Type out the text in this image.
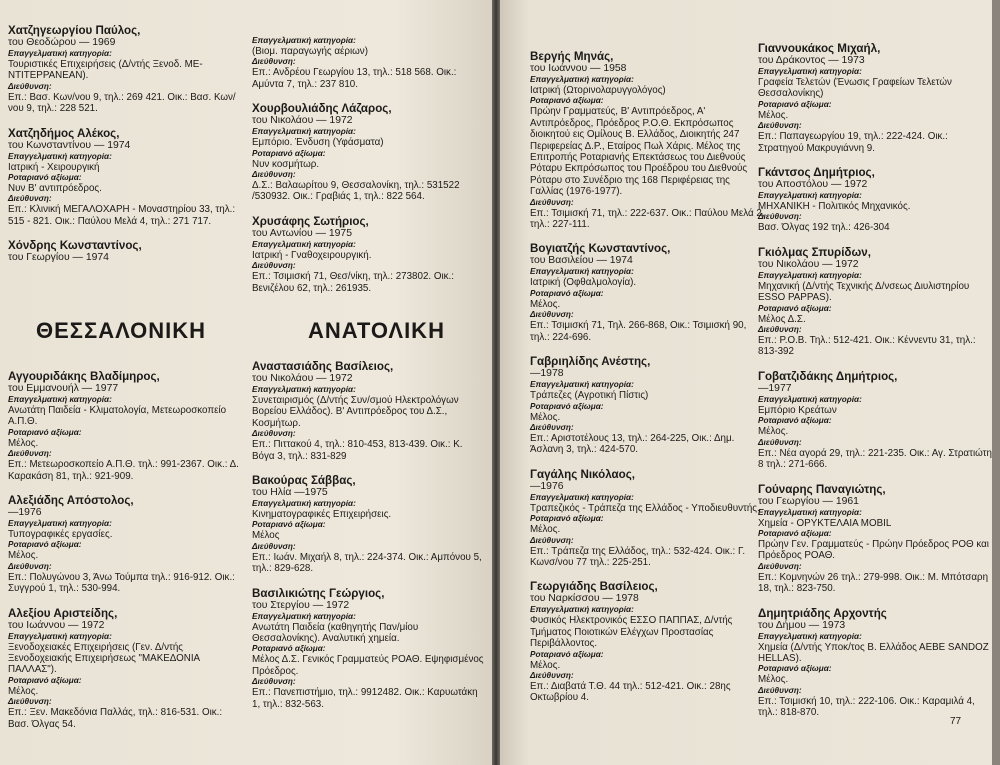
Χατζηγεωργίου Παύλος,
του Θεοδώρου — 1969
Επαγγελματική κατηγορία:
Τουριστικές Επιχειρήσεις (Δ/ντής Ξενοδ. ΜΕ-ΝΤΙΤΕΡΡΑΝΕΑΝ).
Διεύθυνση:
Επ.: Βασ. Κων/νου 9, τηλ.: 269 421. Οικ.: Βασ. Κων/νου 9, τηλ.: 228 521.
Χατζηδήμος Αλέκος,
του Κωνσταντίνου — 1974
Επαγγελματική κατηγορία:
Ιατρική - Χειρουργική
Ροταριανό αξίωμα:
Νυν Β' αντιπρόεδρος.
Διεύθυνση:
Επ.: Κλινική ΜΕΓΑΛΟΧΑΡΗ - Μοναστηρίου 33, τηλ.: 515 - 821. Οικ.: Παύλου Μελά 4, τηλ.: 271 717.
Χόνδρης Κωνσταντίνος,
του Γεωργίου — 1974
ΘΕΣΣΑΛΟΝΙΚΗ
Αγγουριδάκης Βλαδίμηρος,
του Εμμανουήλ — 1977
Επαγγελματική κατηγορία:
Ανωτάτη Παιδεία - Κλιματολογία, Μετεωροσκοπείο Α.Π.Θ.
Ροταριανό αξίωμα:
Μέλος.
Διεύθυνση:
Επ.: Μετεωροσκοπείο Α.Π.Θ. τηλ.: 991-2367. Οικ.: Δ. Καρακάση 81, τηλ.: 921-909.
Αλεξιάδης Απόστολος,
—1976
Επαγγελματική κατηγορία:
Τυπογραφικές εργασίες.
Ροταριανό αξίωμα:
Μέλος.
Διεύθυνση:
Επ.: Πολυγώνου 3, Άνω Τούμπα τηλ.: 916-912. Οικ.: Συγγρού 1, τηλ.: 530-994.
Αλεξίου Αριστείδης,
του Ιωάννου — 1972
Επαγγελματική κατηγορία:
Ξενοδοχειακές Επιχειρήσεις (Γεν. Δ/ντής Ξενοδοχειακής Επιχειρήσεως "ΜΑΚΕΔΟΝΙΑ ΠΑΛΛΑΣ").
Ροταριανό αξίωμα:
Μέλος.
Διεύθυνση:
Επ.: Ξεν. Μακεδόνια Παλλάς, τηλ.: 816-531. Οικ.: Βασ. Όλγας 54.
Επαγγελματική κατηγορία:
(Βιομ. παραγωγής αέριων)
Διεύθυνση:
Επ.: Ανδρέου Γεωργίου 13, τηλ.: 518 568. Οικ.: Αμύντα 7, τηλ.: 237 810.
Χουρβουλιάδης Λάζαρος,
του Νικολάου — 1972
Επαγγελματική κατηγορία:
Εμπόριο. Ένδυση (Υφάσματα)
Ροταριανό αξίωμα:
Νυν κοσμήτωρ.
Διεύθυνση:
Δ.Σ.: Βαλαωρίτου 9, Θεσσαλονίκη, τηλ.: 531522 /530932. Οικ.: Γραβιάς 1, τηλ.: 822 564.
Χρυσάφης Σωτήριος,
του Αντωνίου — 1975
Επαγγελματική κατηγορία:
Ιατρική - Γναθοχειρουργική.
Διεύθυνση:
Επ.: Τσιμισκή 71, Θεσ/νίκη, τηλ.: 273802. Οικ.: Βενιζέλου 62, τηλ.: 261935.
ΑΝΑΤΟΛΙΚΗ
Αναστασιάδης Βασίλειος,
του Νικολάου — 1972
Επαγγελματική κατηγορία:
Συνεταιρισμός (Δ/ντής Συν/σμού Ηλεκτρολόγων Βορείου Ελλάδος). Β' Αντιπρόεδρος του Δ.Σ., Κοσμήτωρ.
Διεύθυνση:
Επ.: Πιττακού 4, τηλ.: 810-453, 813-439. Οικ.: Κ. Βόγα 3, τηλ.: 831-829
Βακούρας Σάββας,
του Ηλία —1975
Επαγγελματική κατηγορία:
Κινηματογραφικές Επιχειρήσεις.
Ροταριανό αξίωμα:
Μέλος
Διεύθυνση:
Επ.: Ιωάν. Μιχαήλ 8, τηλ.: 224-374. Οικ.: Αμπόνου 5, τηλ.: 829-628.
Βασιλικιώτης Γεώργιος,
του Στεργίου — 1972
Επαγγελματική κατηγορία:
Ανωτάτη Παιδεία (καθηγητής Παν/μίου Θεσσαλονίκης). Αναλυτική χημεία.
Ροταριανό αξίωμα:
Μέλος Δ.Σ. Γενικός Γραμματεύς ΡΟΑΘ. Εψηφισμένος Πρόεδρος.
Διεύθυνση:
Επ.: Πανεπιστήμιο, τηλ.: 9912482. Οικ.: Καρυωτάκη 1, τηλ.: 832-563.
Βεργής Μηνάς,
του Ιωάννου — 1958
Επαγγελματική κατηγορία:
Ιατρική (Ωτορινολαρυγγολόγος)
Ροταριανό αξίωμα:
Πρώην Γραμματεύς, Β' Αντιπρόεδρος, Α' Αντιπρόεδρος, Πρόεδρος Ρ.Ο.Θ. Εκπρόσωπος διοικητού εις Ομίλους Β. Ελλάδος, Διοικητής 247 Περιφερείας Δ.Ρ., Εταίρος Πωλ Χάρις. Μέλος της Επιτροπής Ροταριανής Επεκτάσεως του Διεθνούς Ρόταρυ Εκπρόσωπος του Προέδρου του Διεθνούς Ρόταρυ στο Συνέδριο της 168 Περιφέρειας της Γαλλίας (1976-1977).
Διεύθυνση:
Επ.: Τσιμισκή 71, τηλ.: 222-637. Οικ.: Παύλου Μελά 2, τηλ.: 227-111.
Βογιατζής Κωνσταντίνος,
του Βασιλείου — 1974
Επαγγελματική κατηγορία:
Ιατρική (Οφθαλμολογία).
Ροταριανό αξίωμα:
Μέλος.
Διεύθυνση:
Επ.: Τσιμισκή 71, Τηλ. 266-868, Οικ.: Τσιμισκή 90, τηλ.: 224-696.
Γαβριηλίδης Ανέστης,
—1978
Επαγγελματική κατηγορία:
Τράπεζες (Αγροτική Πίστις)
Ροταριανό αξίωμα:
Μέλος.
Διεύθυνση:
Επ.: Αριστοτέλους 13, τηλ.: 264-225, Οικ.: Δημ. Άσλανη 3, τηλ.: 424-570.
Γαγάλης Νικόλαος,
—1976
Επαγγελματική κατηγορία:
Τραπεζικός - Τράπεζα της Ελλάδος - Υποδιευθυντής.
Ροταριανό αξίωμα:
Μέλος.
Διεύθυνση:
Επ.: Τράπεζα της Ελλάδος, τηλ.: 532-424. Οικ.: Γ. Κωνσ/νου 77 τηλ.: 225-251.
Γεωργιάδης Βασίλειος,
του Ναρκίσσου — 1978
Επαγγελματική κατηγορία:
Φυσικός Ηλεκτρονικός ΕΣΣΟ ΠΑΠΠΑΣ, Δ/ντής Τμήματος Ποιοτικών Ελέγχων Προστασίας Περιβάλλοντος.
Ροταριανό αξίωμα:
Μέλος.
Διεύθυνση:
Επ.: Διαβατά Τ.Θ. 44 τηλ.: 512-421. Οικ.: 28ης Οκτωβρίου 4.
Γιαννουκάκος Μιχαήλ,
του Δράκοντος — 1973
Επαγγελματική κατηγορία:
Γραφεία Τελετών (Ένωσις Γραφείων Τελετών Θεσσαλονίκης)
Ροταριανό αξίωμα:
Μέλος.
Διεύθυνση:
Επ.: Παπαγεωργίου 19, τηλ.: 222-424. Οικ.: Στρατηγού Μακρυγιάννη 9.
Γκάντσος Δημήτριος,
του Αποστόλου — 1972
Επαγγελματική κατηγορία:
ΜΗΧΑΝΙΚΗ - Πολιτικός Μηχανικός.
Διεύθυνση:
Βασ. Όλγας 192 τηλ.: 426-304
Γκιόλμας Σπυρίδων,
του Νικολάου — 1972
Επαγγελματική κατηγορία:
Μηχανική (Δ/ντής Τεχνικής Δ/νσεως Διυλιστηρίου ESSO PAPPAS).
Ροταριανό αξίωμα:
Μέλος Δ.Σ.
Διεύθυνση:
Επ.: Ρ.Ο.Β. Τηλ.: 512-421. Οικ.: Κέννεντυ 31, τηλ.: 813-392
Γοβατζιδάκης Δημήτριος,
—1977
Επαγγελματική κατηγορία:
Εμπόριο Κρεάτων
Ροταριανό αξίωμα:
Μέλος.
Διεύθυνση:
Επ.: Νέα αγορά 29, τηλ.: 221-235. Οικ.: Αγ. Στρατιώτη 8 τηλ.: 271-666.
Γούναρης Παναγιώτης,
του Γεωργίου — 1961
Επαγγελματική κατηγορία:
Χημεία - ΟΡΥΚΤΕΛΑΙΑ MOBIL
Ροταριανό αξίωμα:
Πρώην Γεν. Γραμματεύς - Πρώην Πρόεδρος ΡΟΘ και Πρόεδρος ΡΟΑΘ.
Διεύθυνση:
Επ.: Κομνηνών 26 τηλ.: 279-998. Οικ.: Μ. Μπότσαρη 18, τηλ.: 823-750.
Δημητριάδης Αρχοντής
του Δήμου — 1973
Επαγγελματική κατηγορία:
Χημεία (Δ/ντής Υποκ/τος Β. Ελλάδος ΑΕΒΕ SANDOZ HELLAS).
Ροταριανό αξίωμα:
Μέλος.
Διεύθυνση:
Επ.: Τσιμισκή 10, τηλ.: 222-106. Οικ.: Καραμιλά 4, τηλ.: 818-870.
77
